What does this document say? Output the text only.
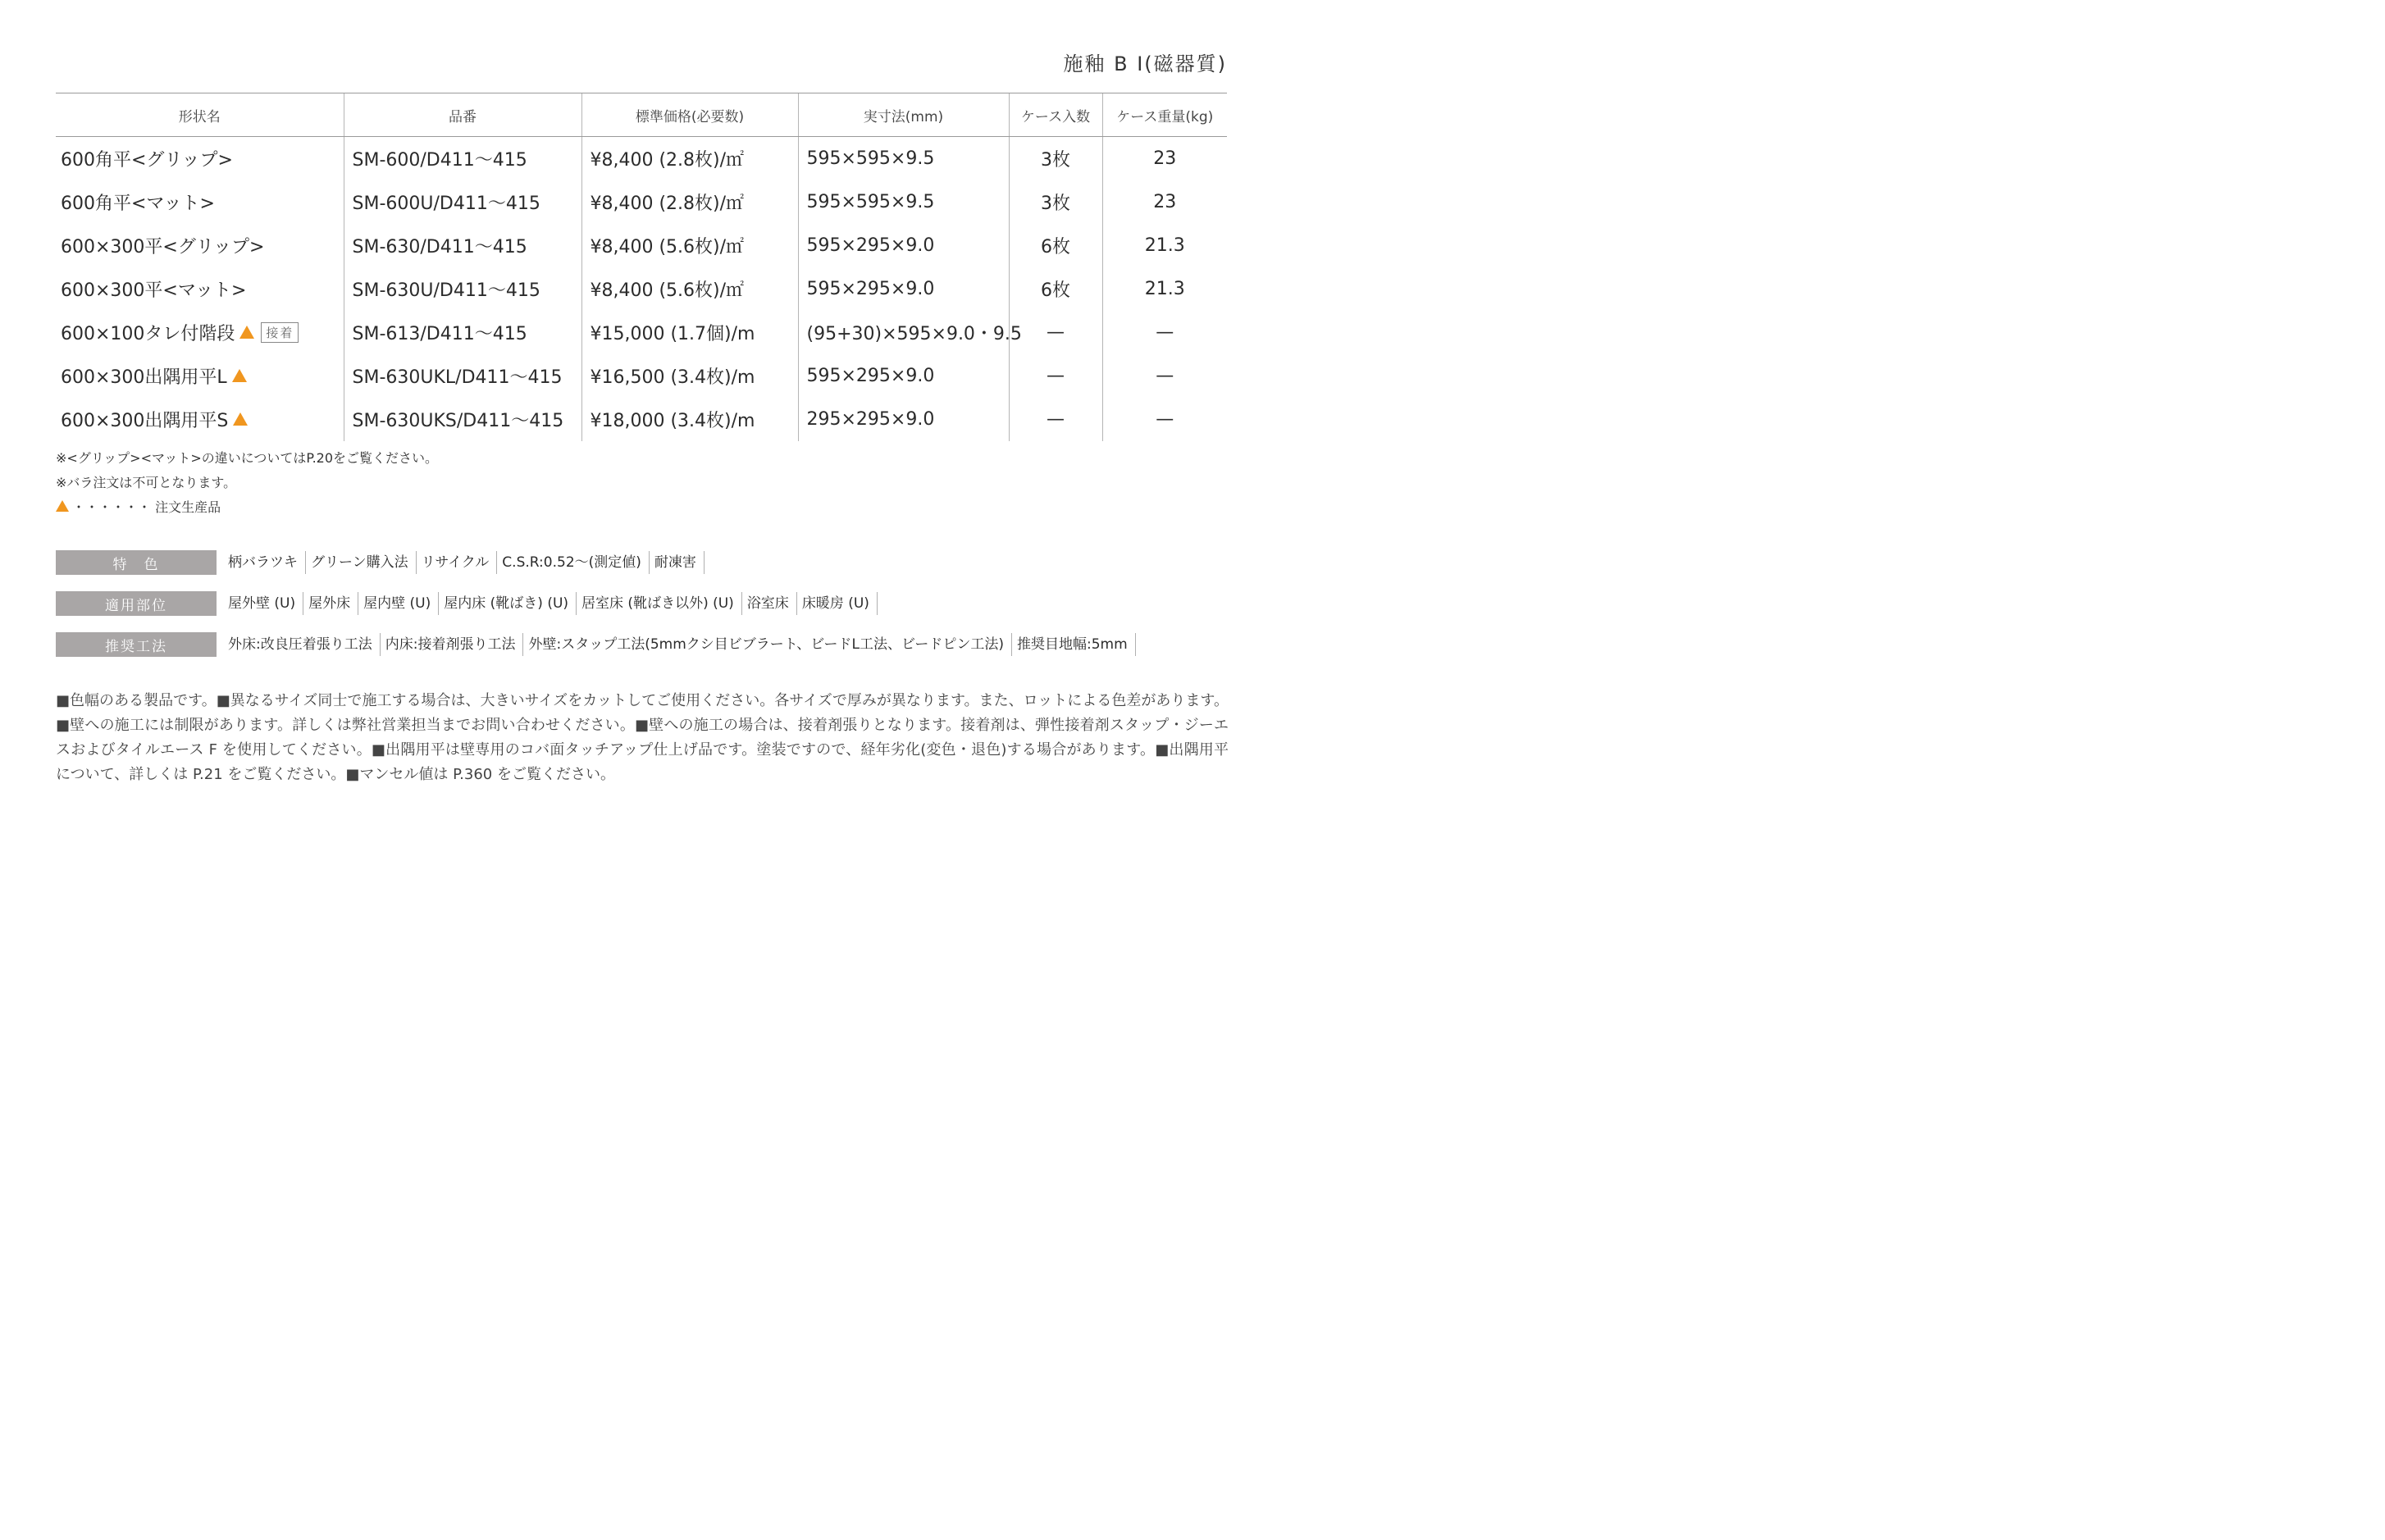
施釉 B I(磁器質)
形状名	品番	標準価格(必要数)	実寸法(mm)	ケース入数	ケース重量(kg)
600角平<グリップ>	SM-600/D411〜415	¥8,400 (2.8枚)/㎡	595×595×9.5	3枚	23
600角平<マット>	SM-600U/D411〜415	¥8,400 (2.8枚)/㎡	595×595×9.5	3枚	23
600×300平<グリップ>	SM-630/D411〜415	¥8,400 (5.6枚)/㎡	595×295×9.0	6枚	21.3
600×300平<マット>	SM-630U/D411〜415	¥8,400 (5.6枚)/㎡	595×295×9.0	6枚	21.3
600×100タレ付階段 接着	SM-613/D411〜415	¥15,000 (1.7個)/m	(95+30)×595×9.0・9.5	—	—
600×300出隅用平L	SM-630UKL/D411〜415	¥16,500 (3.4枚)/m	595×295×9.0	—	—
600×300出隅用平S	SM-630UKS/D411〜415	¥18,000 (3.4枚)/m	295×295×9.0	—	—
※<グリップ><マット>の違いについてはP.20をご覧ください。
※バラ注文は不可となります。
・・・・・・ 注文生産品
特　色	柄バラツキ グリーン購入法 リサイクル C.S.R:0.52〜(測定値) 耐凍害
適用部位	屋外壁 (U) 屋外床 屋内壁 (U) 屋内床 (靴ばき) (U) 居室床 (靴ばき以外) (U) 浴室床 床暖房 (U)
推奨工法	外床:改良圧着張り工法 内床:接着剤張り工法 外壁:スタップ工法(5mmクシ目ビブラート、ビードL工法、ビードピン工法) 推奨目地幅:5mm
■色幅のある製品です。■異なるサイズ同士で施工する場合は、大きいサイズをカットしてご使用ください。各サイズで厚みが異なります。また、ロットによる色差があります。■壁への施工には制限があります。詳しくは弊社営業担当までお問い合わせください。■壁への施工の場合は、接着剤張りとなります。接着剤は、弾性接着剤スタップ・ジーエスおよびタイルエース F を使用してください。■出隅用平は壁専用のコバ面タッチアップ仕上げ品です。塗装ですので、経年劣化(変色・退色)する場合があります。■出隅用平について、詳しくは P.21 をご覧ください。■マンセル値は P.360 をご覧ください。
